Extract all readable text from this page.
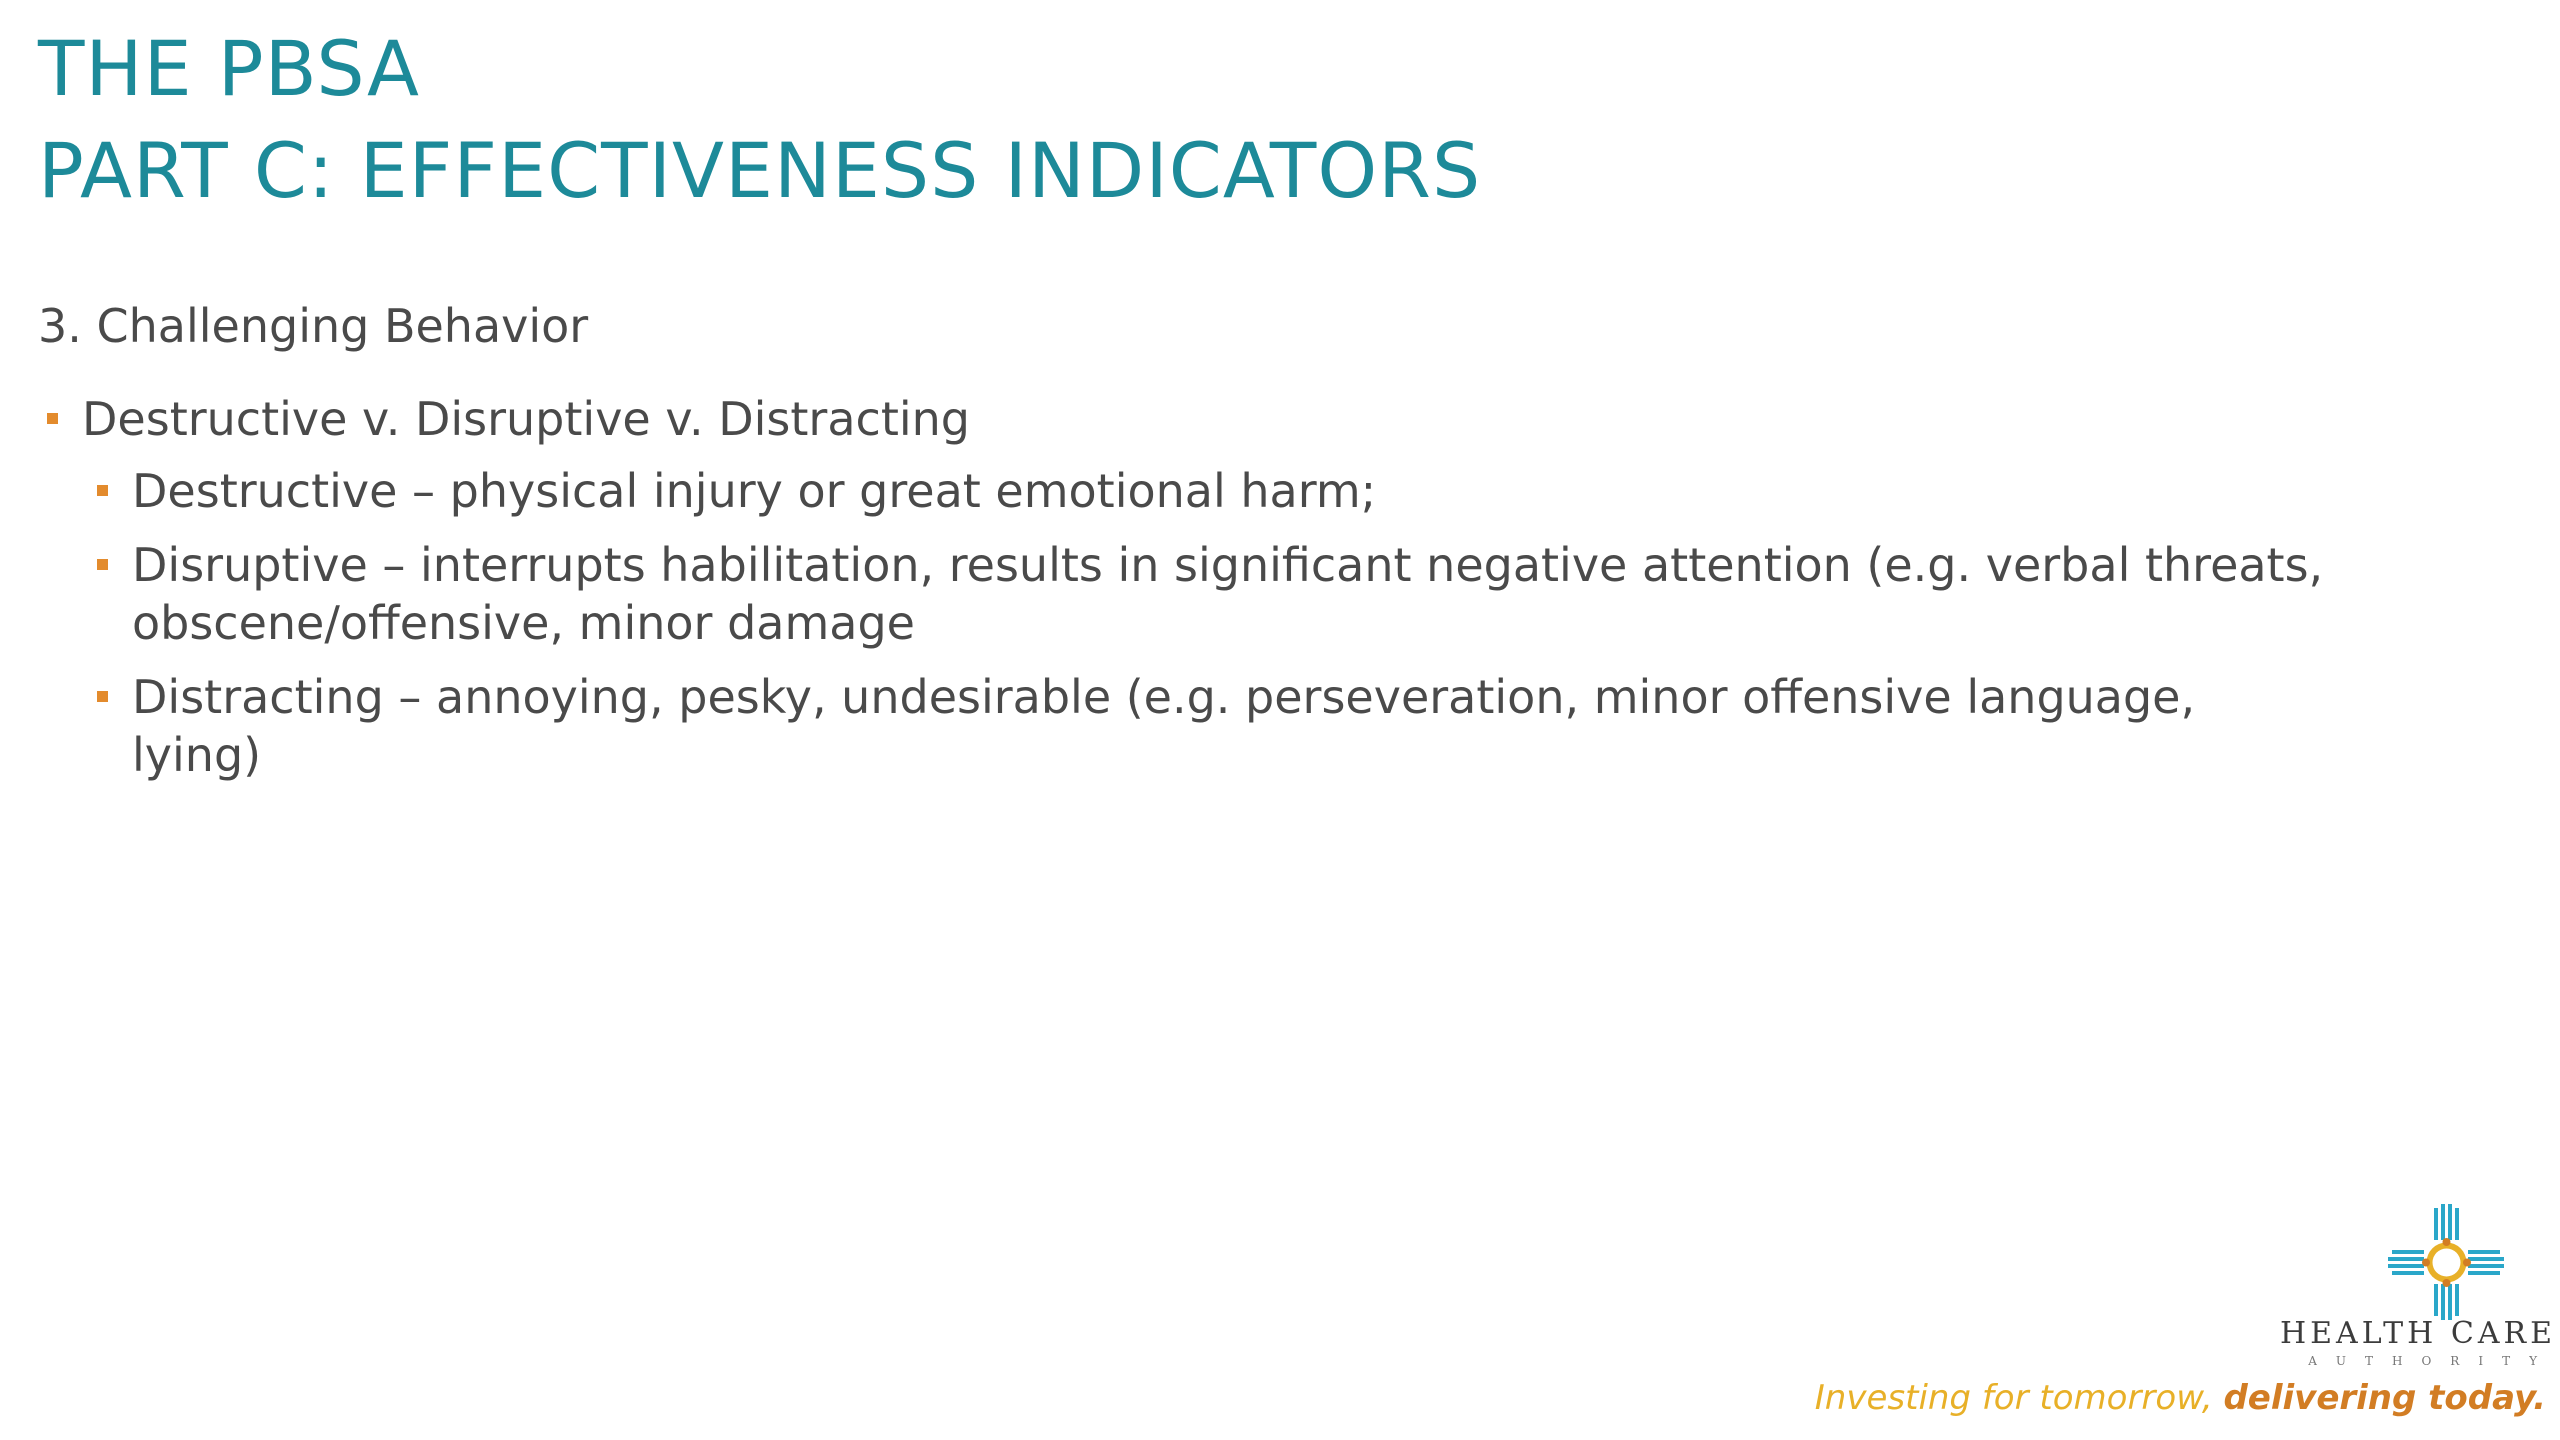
THE PBSA
PART C: EFFECTIVENESS INDICATORS

3. Challenging Behavior

Destructive v. Disruptive v. Distracting
Destructive – physical injury or great emotional harm;
Disruptive – interrupts habilitation, results in significant negative attention (e.g. verbal threats, obscene/offensive, minor damage
Distracting – annoying, pesky, undesirable (e.g. perseveration, minor offensive language, lying)

HEALTH CARE

AUTHORITY

Investing for tomorrow, delivering today.
